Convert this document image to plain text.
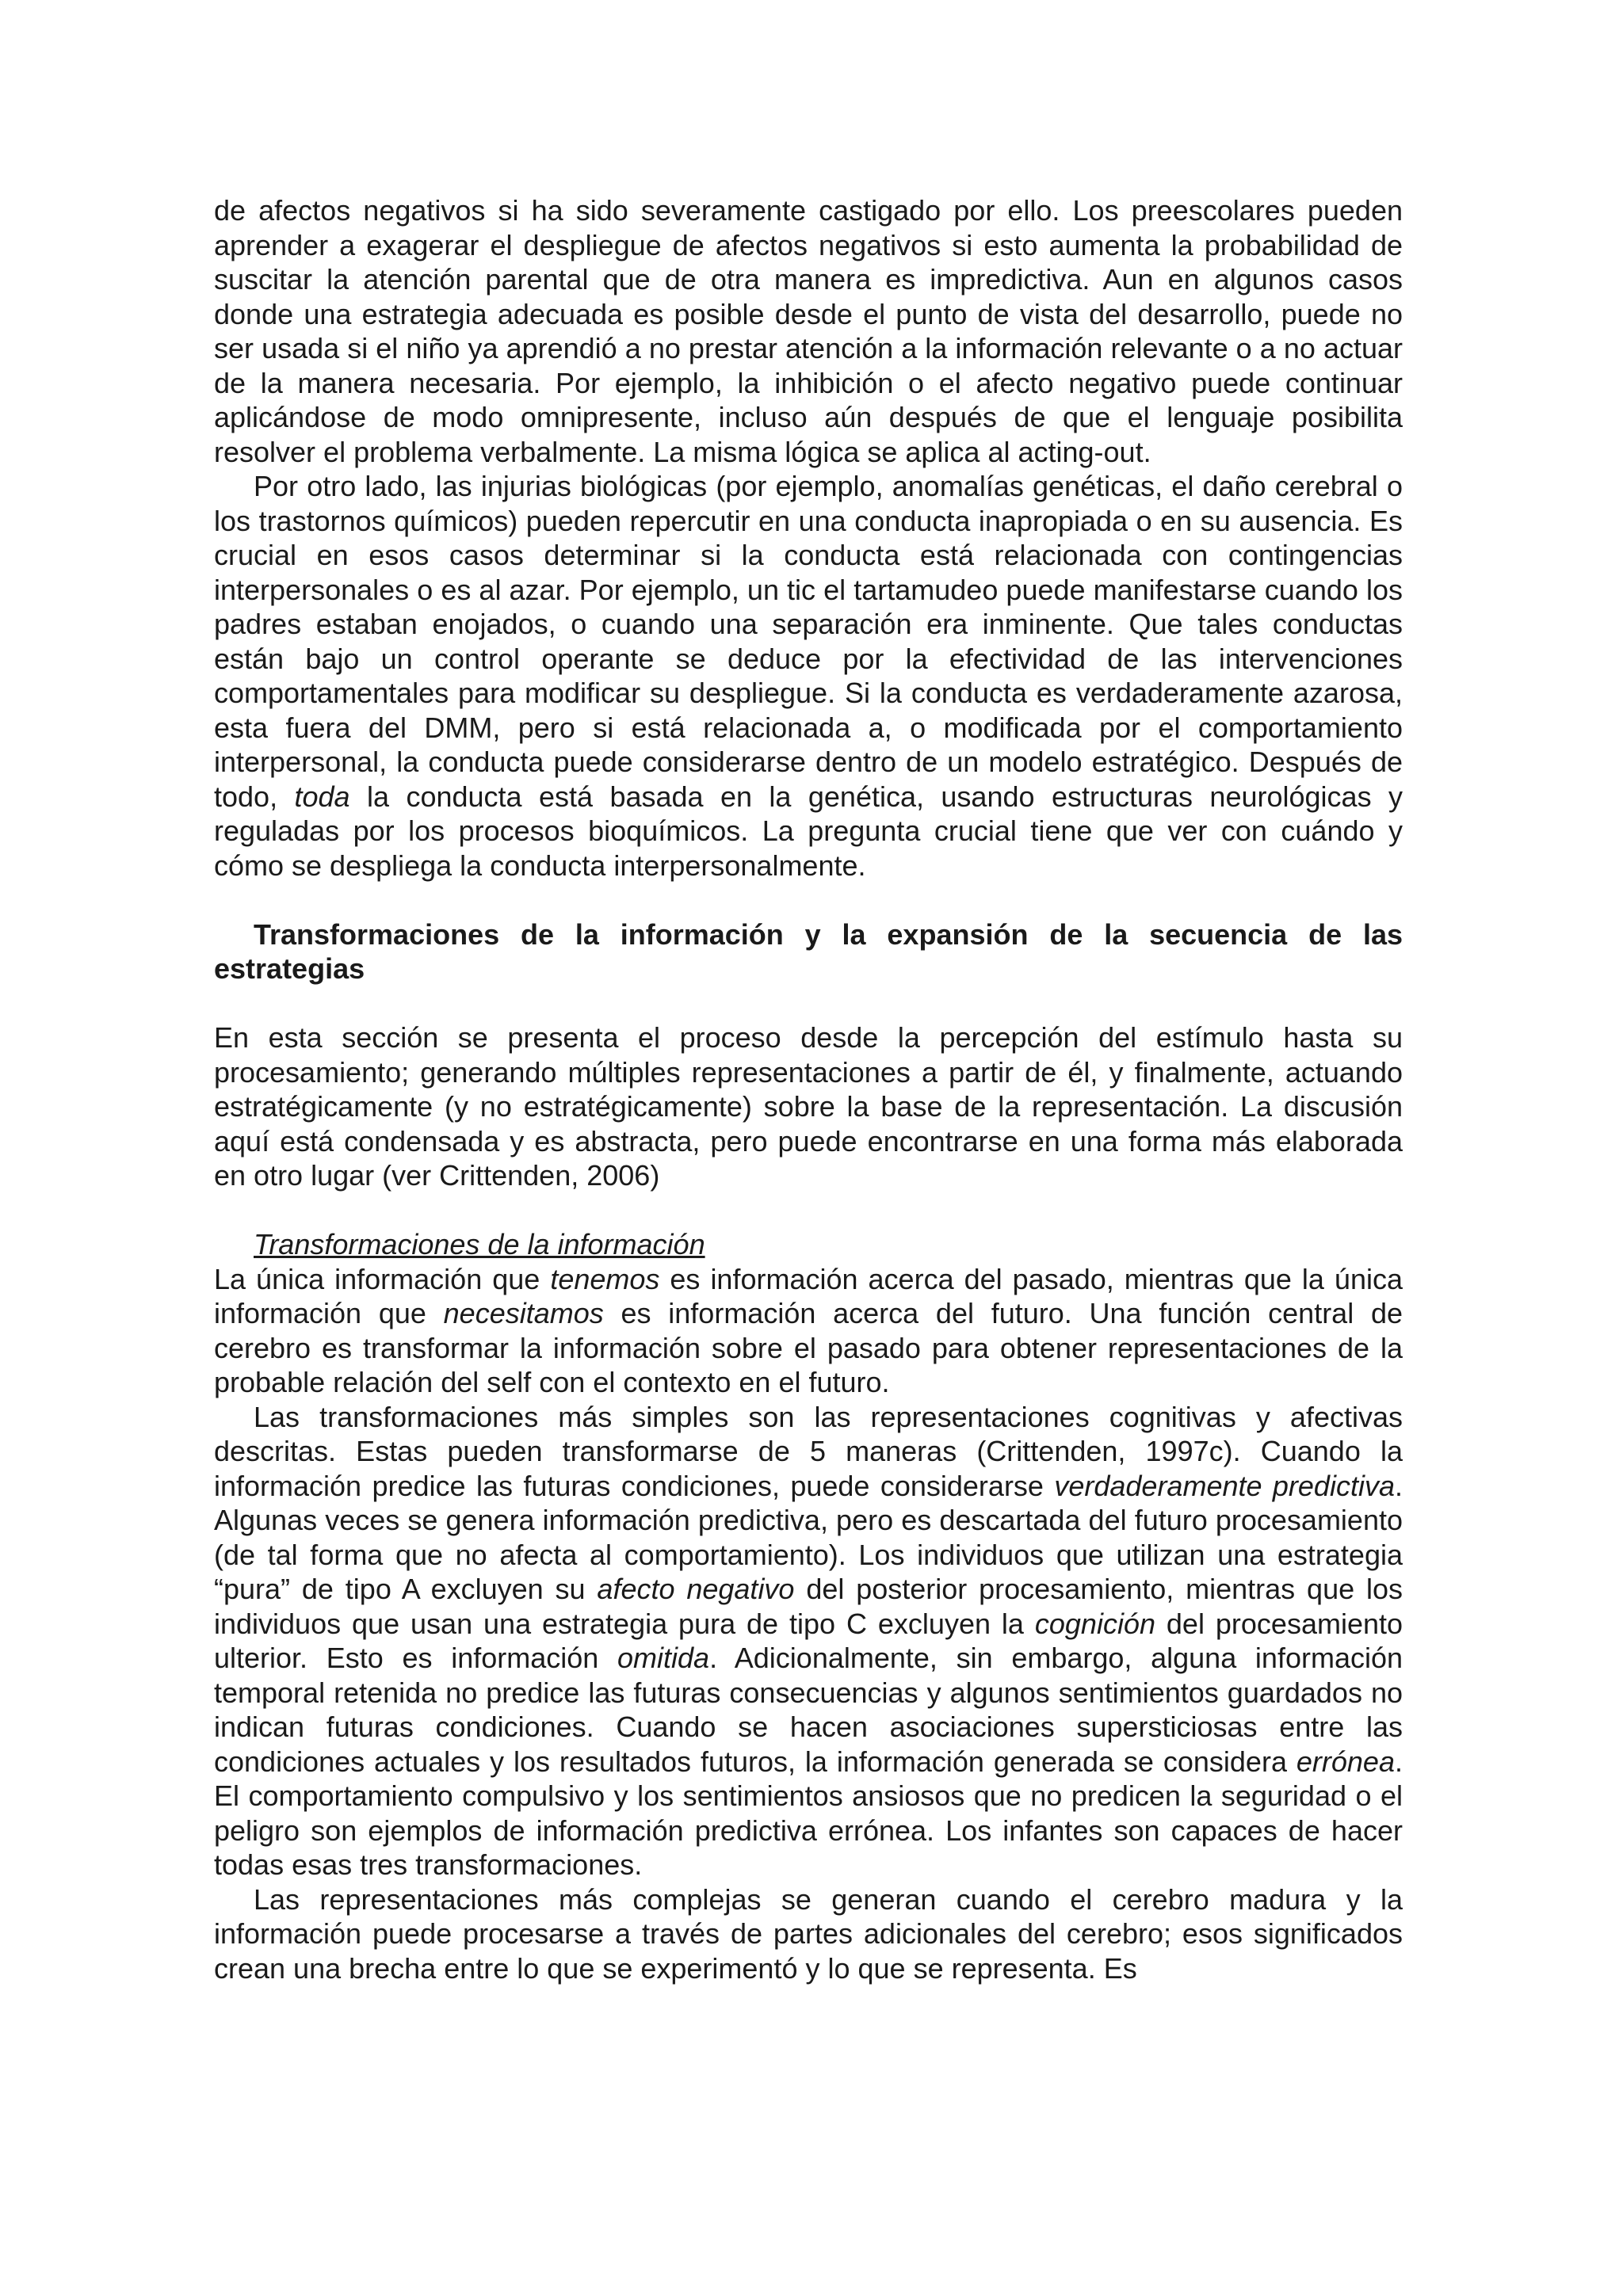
de afectos negativos si ha sido severamente castigado por ello. Los preescolares pueden aprender a exagerar el despliegue de afectos negativos si esto aumenta la probabilidad de suscitar la atención parental que de otra manera es impredictiva. Aun en algunos casos donde una estrategia adecuada es posible desde el punto de vista del desarrollo, puede no ser usada si el niño ya aprendió a no prestar atención a la información relevante o a no actuar de la manera necesaria. Por ejemplo, la inhibición o el afecto negativo puede continuar aplicándose de modo omnipresente, incluso aún después de que el lenguaje posibilita resolver el problema verbalmente. La misma lógica se aplica al acting-out.

Por otro lado, las injurias biológicas (por ejemplo, anomalías genéticas, el daño cerebral o los trastornos químicos) pueden repercutir en una conducta inapropiada o en su ausencia. Es crucial en esos casos determinar si la conducta está relacionada con contingencias interpersonales o es al azar. Por ejemplo, un tic el tartamudeo puede manifestarse cuando los padres estaban enojados, o cuando una separación era inminente. Que tales conductas están bajo un control operante se deduce por la efectividad de las intervenciones comportamentales para modificar su despliegue. Si la conducta es verdaderamente azarosa, esta fuera del DMM, pero si está relacionada a, o modificada por el comportamiento interpersonal, la conducta puede considerarse dentro de un modelo estratégico. Después de todo, toda la conducta está basada en la genética, usando estructuras neurológicas y reguladas por los procesos bioquímicos. La pregunta crucial tiene que ver con cuándo y cómo se despliega la conducta interpersonalmente.

Transformaciones de la información y la expansión de la secuencia de las estrategias

En esta sección se presenta el proceso desde la percepción del estímulo hasta su procesamiento; generando múltiples representaciones a partir de él, y finalmente, actuando estratégicamente (y no estratégicamente) sobre la base de la representación. La discusión aquí está condensada y es abstracta, pero puede encontrarse en una forma más elaborada en otro lugar (ver Crittenden, 2006)

Transformaciones de la información

La única información que tenemos es información acerca del pasado, mientras que la única información que necesitamos es información acerca del futuro. Una función central de cerebro es transformar la información sobre el pasado para obtener representaciones de la probable relación del self con el contexto en el futuro.

Las transformaciones más simples son las representaciones cognitivas y afectivas descritas. Estas pueden transformarse de 5 maneras (Crittenden, 1997c). Cuando la información predice las futuras condiciones, puede considerarse verdaderamente predictiva. Algunas veces se genera información predictiva, pero es descartada del futuro procesamiento (de tal forma que no afecta al comportamiento). Los individuos que utilizan una estrategia “pura” de tipo A excluyen su afecto negativo del posterior procesamiento, mientras que los individuos que usan una estrategia pura de tipo C excluyen la cognición del procesamiento ulterior. Esto es información omitida. Adicionalmente, sin embargo, alguna información temporal retenida no predice las futuras consecuencias y algunos sentimientos guardados no indican futuras condiciones. Cuando se hacen asociaciones supersticiosas entre las condiciones actuales y los resultados futuros, la información generada se considera errónea. El comportamiento compulsivo y los sentimientos ansiosos que no predicen la seguridad o el peligro son ejemplos de información predictiva errónea. Los infantes son capaces de hacer todas esas tres transformaciones.

Las representaciones más complejas se generan cuando el cerebro madura y la información puede procesarse a través de partes adicionales del cerebro; esos significados crean una brecha entre lo que se experimentó y lo que se representa. Es
